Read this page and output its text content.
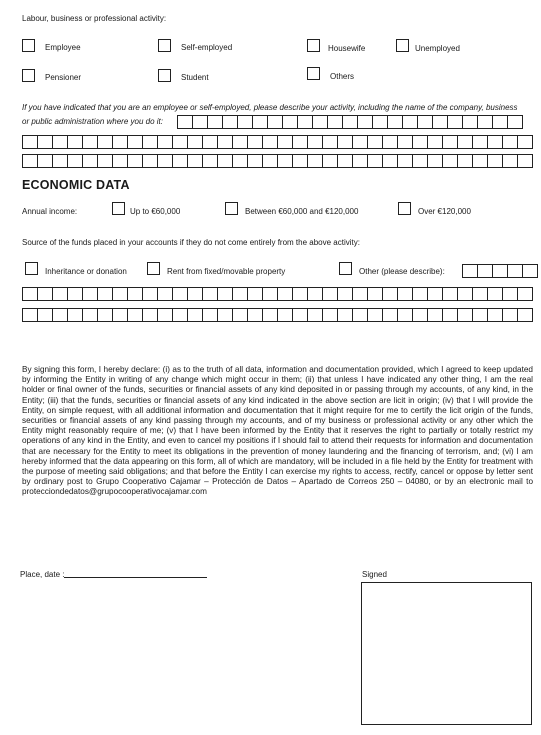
Labour, business or professional activity:
Employee	Self-employed	Housewife	Unemployed
Pensioner	Student	Others
If you have indicated that you are an employee or self-employed, please describe your activity, including the name of the company, business
or public administration where you do it:
ECONOMIC DATA
Annual income:	Up to €60,000	Between €60,000 and €120,000	Over €120,000
Source of the funds placed in your accounts if they do not come entirely from the above activity:
Inheritance or donation	Rent from fixed/movable property	Other (please describe):
By signing this form, I hereby declare: (i) as to the truth of all data, information and documentation provided, which I agreed to keep updated by informing the Entity in writing of any change which might occur in them; (ii) that unless I have indicated any other thing, I am the real holder or final owner of the funds, securities or financial assets of any kind deposited in or passing through my accounts, of any kind, in the Entity; (iii) that the funds, securities or financial assets of any kind indicated in the above section are licit in origin; (iv) that I will provide the Entity, on simple request, with all additional information and documentation that it might require for me to certify the licit origin of the funds, securities or financial assets of any kind passing through my accounts, and of my business or professional activity or any other which the Entity might reasonably require of me; (v) that I have been informed by the Entity that it reserves the right to partially or totally restrict my operations of any kind in the Entity, and even to cancel my positions if I should fail to attend their requests for information and documentation that are necessary for the Entity to meet its obligations in the prevention of money laundering and the financing of terrorism, and; (vi) I am hereby informed that the data appearing on this form, all of which are mandatory, will be included in a file held by the Entity for treatment with the purpose of meeting said obligations; and that before the Entity I can exercise my rights to access, rectify, cancel or oppose by letter sent by ordinary post to Grupo Cooperativo Cajamar – Protección de Datos – Apartado de Correos 250 – 04080, or by an electronic mail to protecciondedatos@grupocooperativocajamar.com
Place, date :	Signed
